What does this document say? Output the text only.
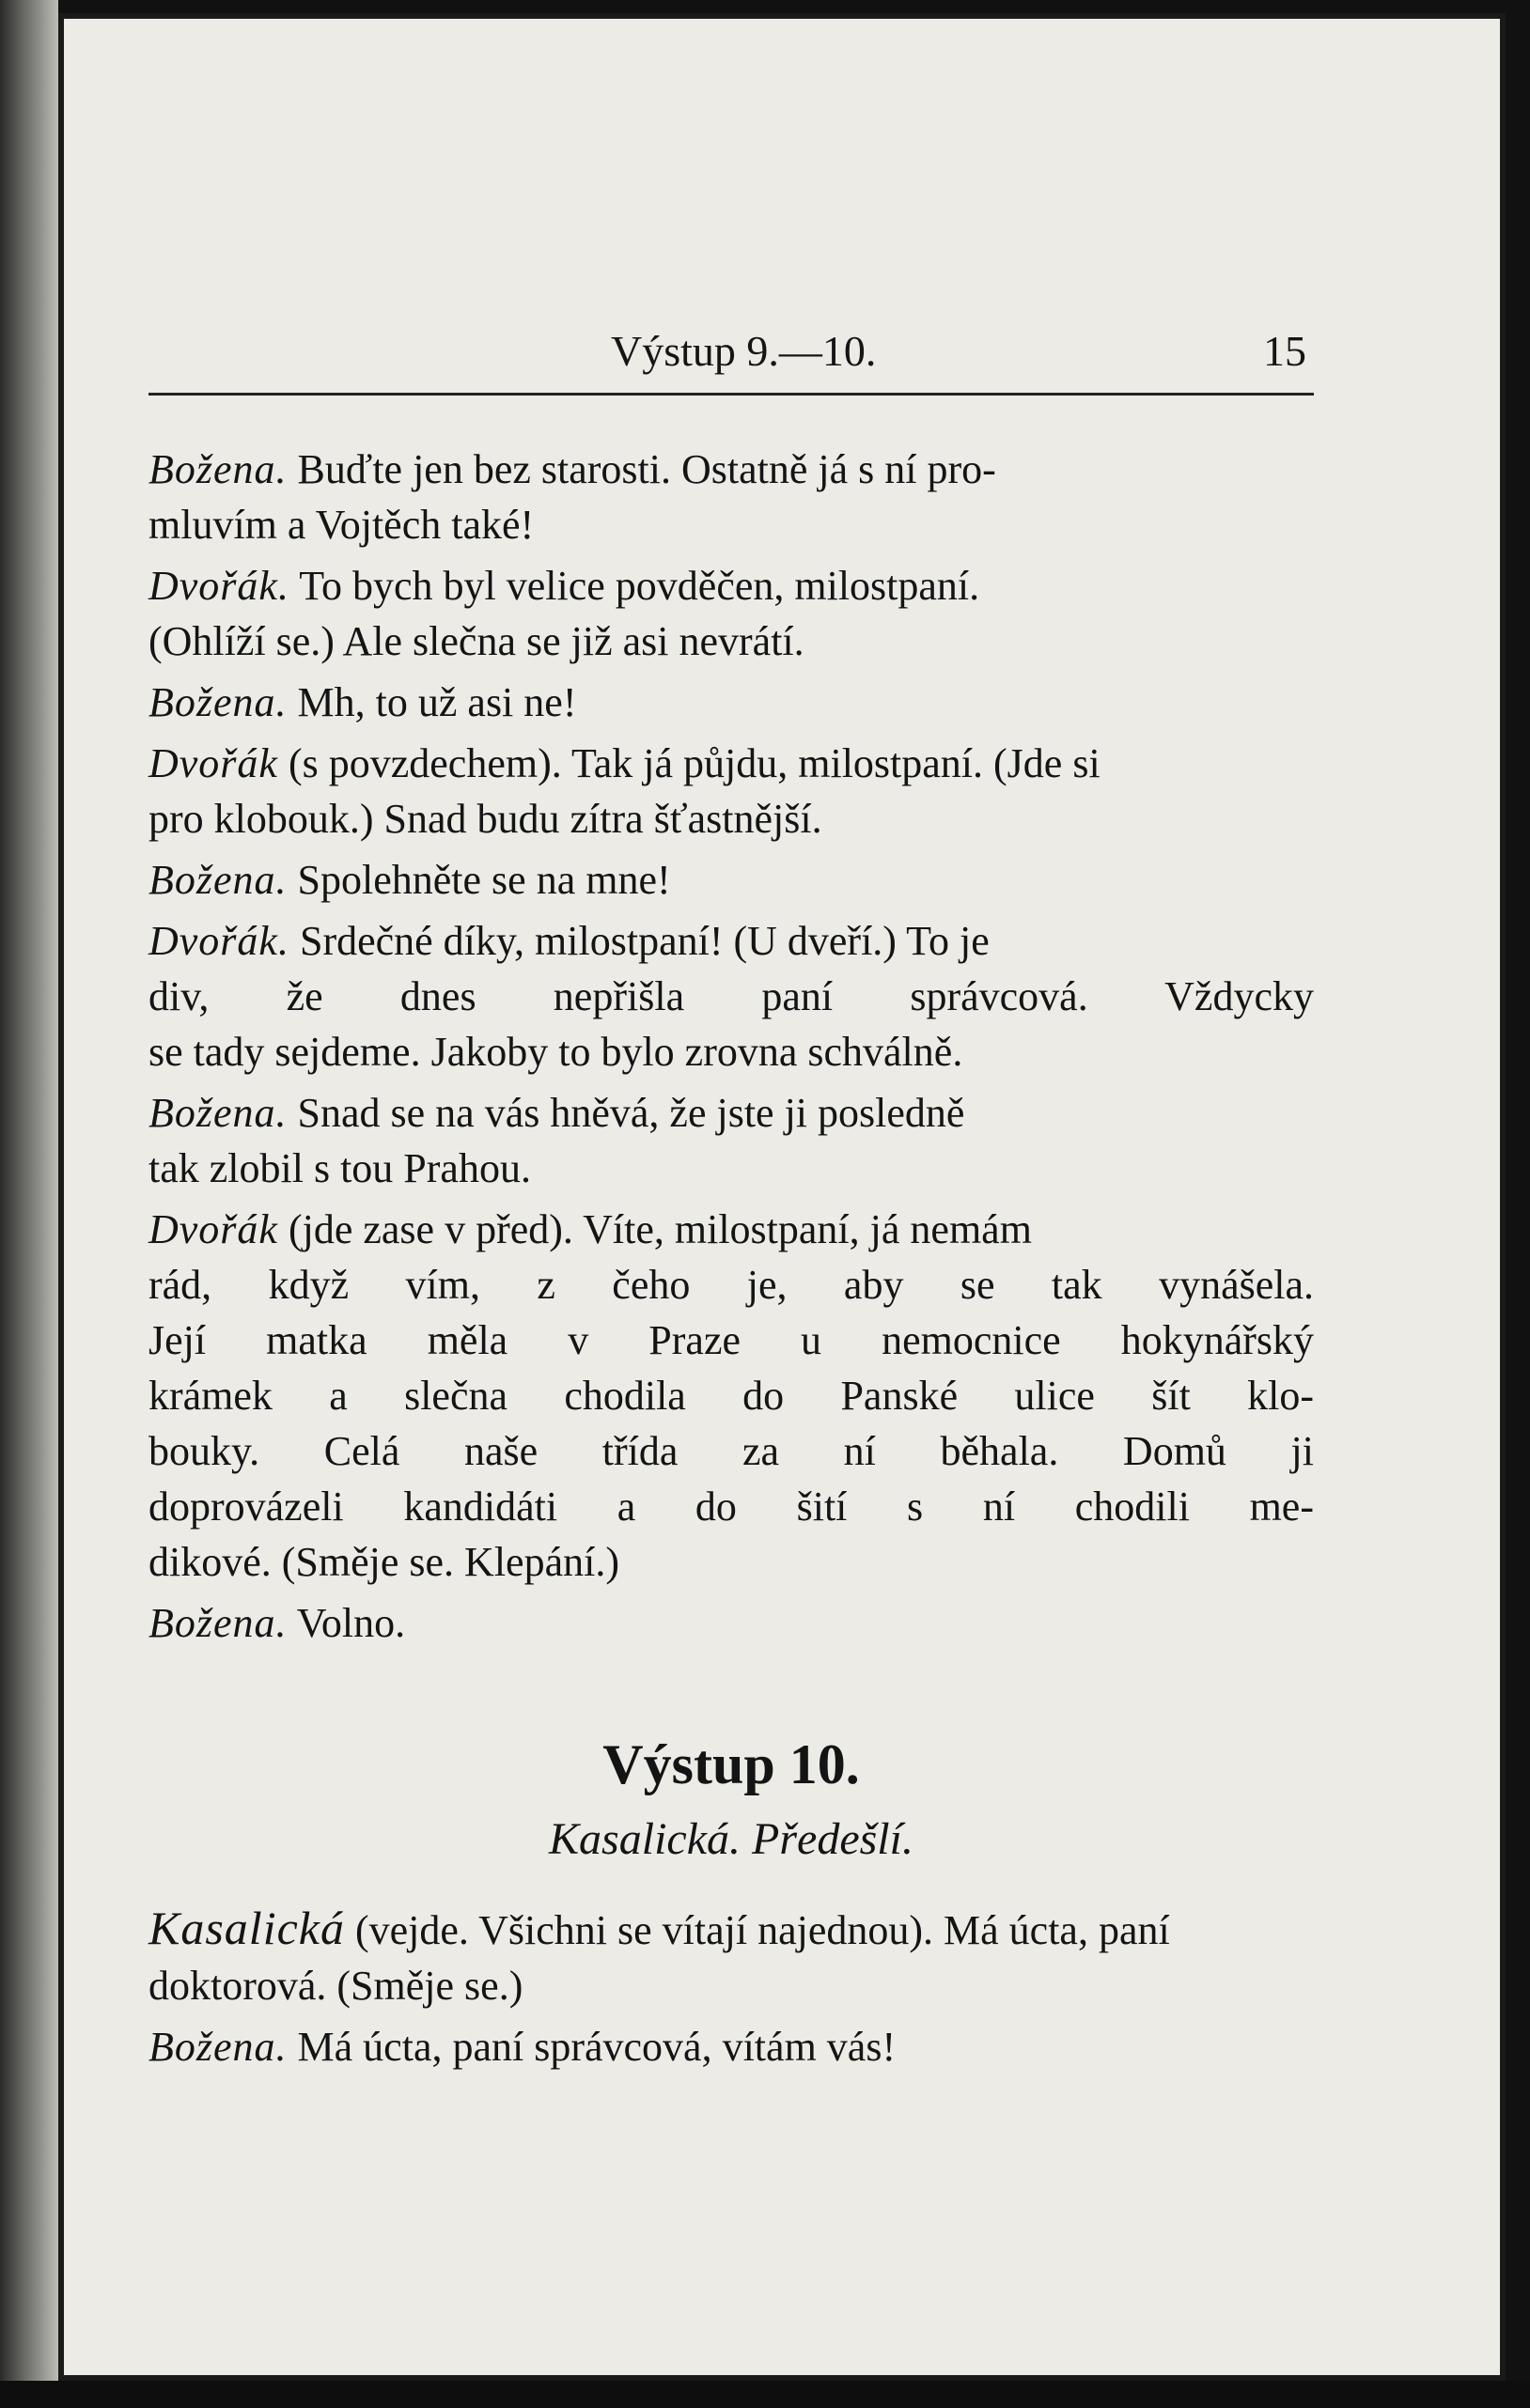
Výstup 9.—10.	15
Božena. Buďte jen bez starosti. Ostatně já s ní pro-

mluvím a Vojtěch také!
Dvořák. To bych byl velice povděčen, milostpaní.

(Ohlíží se.) Ale slečna se již asi nevrátí.
Božena. Mh, to už asi ne!
Dvořák (s povzdechem). Tak já půjdu, milostpaní. (Jde si

pro klobouk.) Snad budu zítra šťastnější.
Božena. Spolehněte se na mne!
Dvořák. Srdečné díky, milostpaní! (U dveří.) To je

div, že dnes nepřišla paní správcová. Vždycky
se tady sejdeme. Jakoby to bylo zrovna schválně.
Božena. Snad se na vás hněvá, že jste ji posledně

tak zlobil s tou Prahou.
Dvořák (jde zase v před). Víte, milostpaní, já nemám

rád, když vím, z čeho je, aby se tak vynášela.
Její matka měla v Praze u nemocnice hokynářský
krámek a slečna chodila do Panské ulice šít klo-
bouky. Celá naše třída za ní běhala. Domů ji
doprovázeli kandidáti a do šití s ní chodili me-
dikové. (Směje se. Klepání.)
Božena. Volno.
Výstup 10.
Kasalická. Předešlí.
Kasalická (vejde. Všichni se vítají najednou). Má úcta, paní

doktorová. (Směje se.)
Božena. Má úcta, paní správcová, vítám vás!
